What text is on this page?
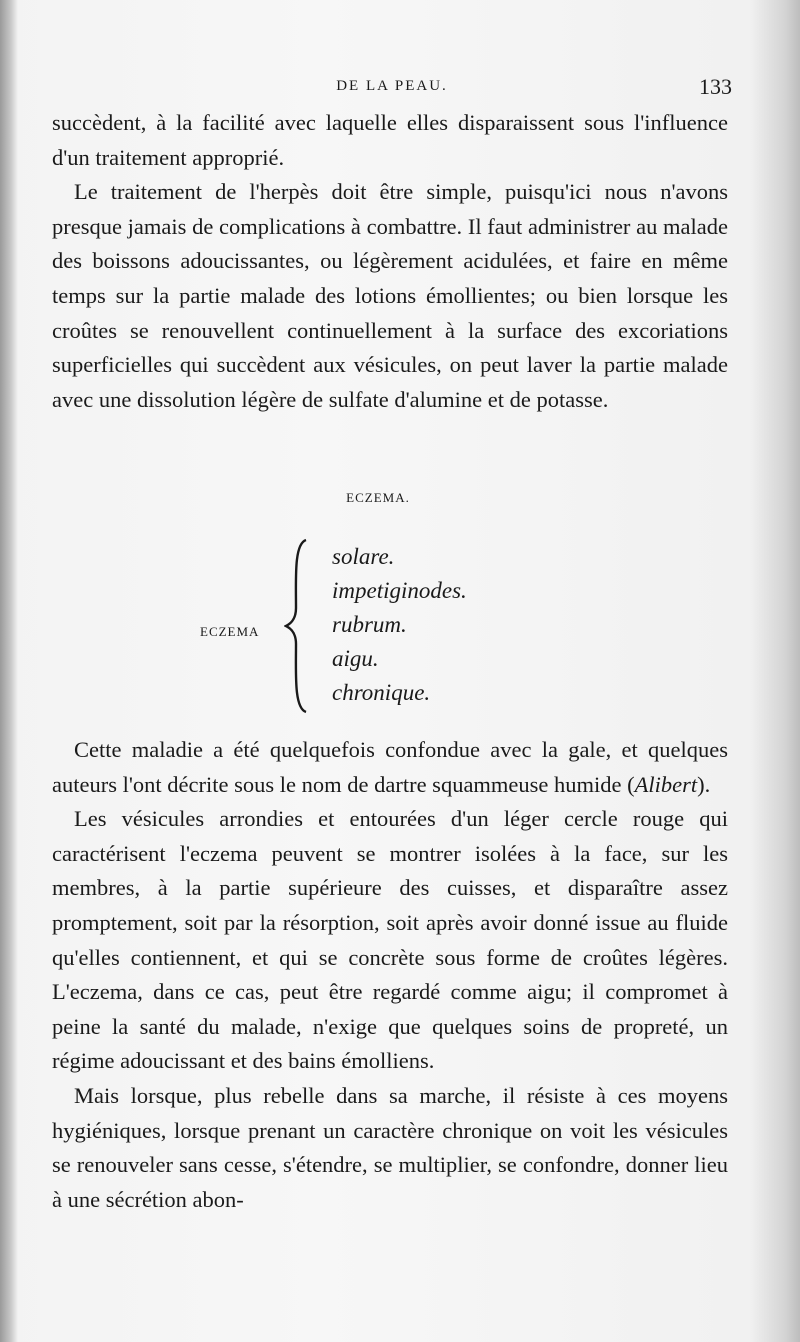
DE LA PEAU.	133

succèdent, à la facilité avec laquelle elles disparaissent sous l'influence d'un traitement approprié.

Le traitement de l'herpès doit être simple, puisqu'ici nous n'avons presque jamais de complications à combattre. Il faut administrer au malade des boissons adoucissantes, ou légèrement acidulées, et faire en même temps sur la partie malade des lotions émollientes; ou bien lorsque les croûtes se renouvellent continuellement à la surface des excoriations superficielles qui succèdent aux vésicules, on peut laver la partie malade avec une dissolution légère de sulfate d'alumine et de potasse.

ECZEMA.
ECZEMA
solare.
impetiginodes.
rubrum.
aigu.
chronique.

Cette maladie a été quelquefois confondue avec la gale, et quelques auteurs l'ont décrite sous le nom de dartre squammeuse humide (Alibert).

Les vésicules arrondies et entourées d'un léger cercle rouge qui caractérisent l'eczema peuvent se montrer isolées à la face, sur les membres, à la partie supérieure des cuisses, et disparaître assez promptement, soit par la résorption, soit après avoir donné issue au fluide qu'elles contiennent, et qui se concrète sous forme de croûtes légères. L'eczema, dans ce cas, peut être regardé comme aigu; il compromet à peine la santé du malade, n'exige que quelques soins de propreté, un régime adoucissant et des bains émolliens.

Mais lorsque, plus rebelle dans sa marche, il résiste à ces moyens hygiéniques, lorsque prenant un caractère chronique on voit les vésicules se renouveler sans cesse, s'étendre, se multiplier, se confondre, donner lieu à une sécrétion abon-
